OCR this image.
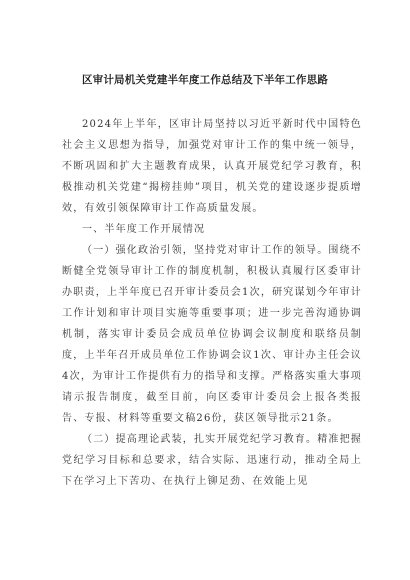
区审计局机关党建半年度工作总结及下半年工作思路

2024年上半年，区审计局坚持以习近平新时代中国特色社会主义思想为指导，加强党对审计工作的集中统一领导，不断巩固和扩大主题教育成果，认真开展党纪学习教育，积极推动机关党建“揭榜挂帅”项目，机关党的建设逐步提质增效，有效引领保障审计工作高质量发展。

一、半年度工作开展情况

（一）强化政治引领，坚持党对审计工作的领导。围绕不断健全党领导审计工作的制度机制，积极认真履行区委审计办职责，上半年度已召开审计委员会1次，研究谋划今年审计工作计划和审计项目实施等重要事项；进一步完善沟通协调机制，落实审计委员会成员单位协调会议制度和联络员制度，上半年召开成员单位工作协调会议1次、审计办主任会议4次，为审计工作提供有力的指导和支撑。严格落实重大事项请示报告制度，截至目前，向区委审计委员会上报各类报告、专报、材料等重要文稿26份，获区领导批示21条。

（二）提高理论武装，扎实开展党纪学习教育。精准把握党纪学习目标和总要求，结合实际、迅速行动，推动全局上下在学习上下苦功、在执行上铆足劲、在效能上见
